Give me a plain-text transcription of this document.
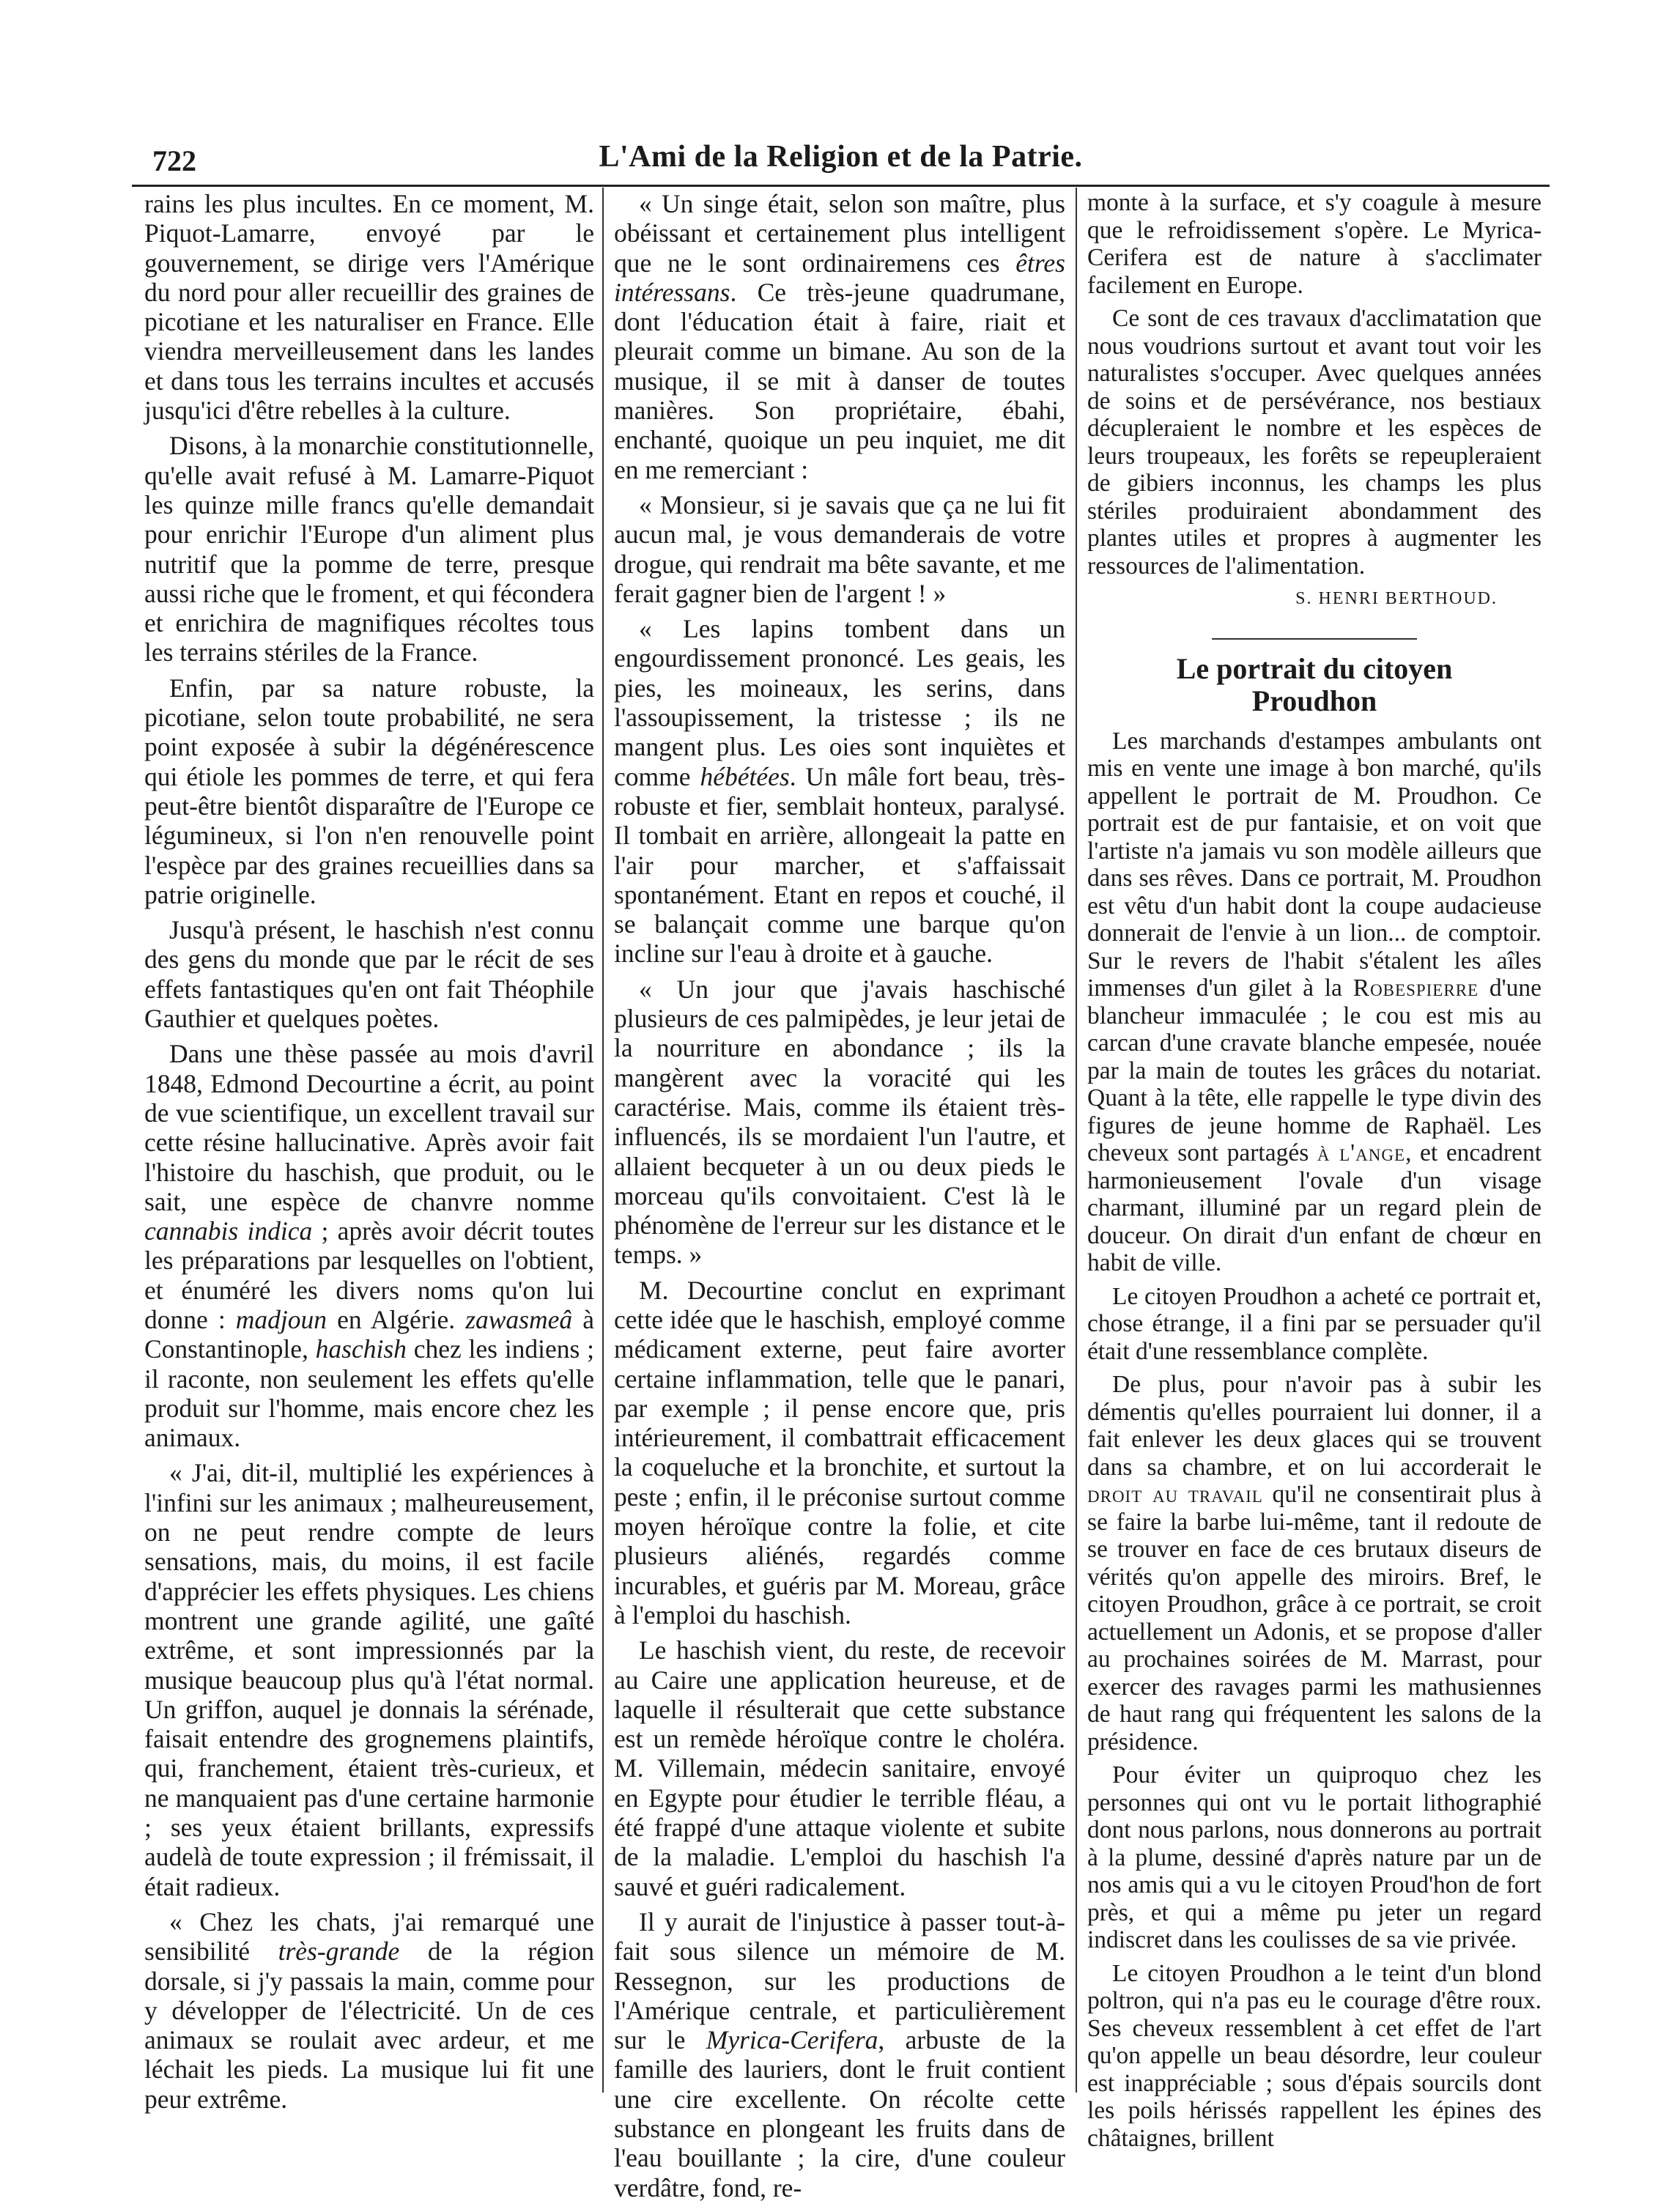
722	L'Ami de la Religion et de la Patrie.

rains les plus incultes. En ce moment, M. Piquot-Lamarre, envoyé par le gouvernement, se dirige vers l'Amérique du nord pour aller recueillir des graines de picotiane et les naturaliser en France. Elle viendra merveilleusement dans les landes et dans tous les terrains incultes et accusés jusqu'ici d'être rebelles à la culture.

Disons, à la monarchie constitutionnelle, qu'elle avait refusé à M. Lamarre-Piquot les quinze mille francs qu'elle demandait pour enrichir l'Europe d'un aliment plus nutritif que la pomme de terre, presque aussi riche que le froment, et qui fécondera et enrichira de magnifiques récoltes tous les terrains stériles de la France.

Enfin, par sa nature robuste, la picotiane, selon toute probabilité, ne sera point exposée à subir la dégénérescence qui étiole les pommes de terre, et qui fera peut-être bientôt disparaître de l'Europe ce légumineux, si l'on n'en renouvelle point l'espèce par des graines recueillies dans sa patrie originelle.

Jusqu'à présent, le haschish n'est connu des gens du monde que par le récit de ses effets fantastiques qu'en ont fait Théophile Gauthier et quelques poètes.

Dans une thèse passée au mois d'avril 1848, Edmond Decourtine a écrit, au point de vue scientifique, un excellent travail sur cette résine hallucinative. Après avoir fait l'histoire du haschish, que produit, ou le sait, une espèce de chanvre nomme cannabis indica ; après avoir décrit toutes les préparations par lesquelles on l'obtient, et énuméré les divers noms qu'on lui donne : madjoun en Algérie. zawasmeâ à Constantinople, haschish chez les indiens ; il raconte, non seulement les effets qu'elle produit sur l'homme, mais encore chez les animaux.

« J'ai, dit-il, multiplié les expériences à l'infini sur les animaux ; malheureusement, on ne peut rendre compte de leurs sensations, mais, du moins, il est facile d'apprécier les effets physiques. Les chiens montrent une grande agilité, une gaîté extrême, et sont impressionnés par la musique beaucoup plus qu'à l'état normal. Un griffon, auquel je donnais la sérénade, faisait entendre des grognemens plaintifs, qui, franchement, étaient très-curieux, et ne manquaient pas d'une certaine harmonie ; ses yeux étaient brillants, expressifs audelà de toute expression ; il frémissait, il était radieux.

« Chez les chats, j'ai remarqué une sensibilité très-grande de la région dorsale, si j'y passais la main, comme pour y développer de l'électricité. Un de ces animaux se roulait avec ardeur, et me léchait les pieds. La musique lui fit une peur extrême.

« Un singe était, selon son maître, plus obéissant et certainement plus intelligent que ne le sont ordinairemens ces êtres intéressans. Ce très-jeune quadrumane, dont l'éducation était à faire, riait et pleurait comme un bimane. Au son de la musique, il se mit à danser de toutes manières. Son propriétaire, ébahi, enchanté, quoique un peu inquiet, me dit en me remerciant :

« Monsieur, si je savais que ça ne lui fit aucun mal, je vous demanderais de votre drogue, qui rendrait ma bête savante, et me ferait gagner bien de l'argent ! »

« Les lapins tombent dans un engourdissement prononcé. Les geais, les pies, les moineaux, les serins, dans l'assoupissement, la tristesse ; ils ne mangent plus. Les oies sont inquiètes et comme hébétées. Un mâle fort beau, très-robuste et fier, semblait honteux, paralysé. Il tombait en arrière, allongeait la patte en l'air pour marcher, et s'affaissait spontanément. Etant en repos et couché, il se balançait comme une barque qu'on incline sur l'eau à droite et à gauche.

« Un jour que j'avais haschisché plusieurs de ces palmipèdes, je leur jetai de la nourriture en abondance ; ils la mangèrent avec la voracité qui les caractérise. Mais, comme ils étaient très-influencés, ils se mordaient l'un l'autre, et allaient becqueter à un ou deux pieds le morceau qu'ils convoitaient. C'est là le phénomène de l'erreur sur les distance et le temps. »

M. Decourtine conclut en exprimant cette idée que le haschish, employé comme médicament externe, peut faire avorter certaine inflammation, telle que le panari, par exemple ; il pense encore que, pris intérieurement, il combattrait efficacement la coqueluche et la bronchite, et surtout la peste ; enfin, il le préconise surtout comme moyen héroïque contre la folie, et cite plusieurs aliénés, regardés comme incurables, et guéris par M. Moreau, grâce à l'emploi du haschish.

Le haschish vient, du reste, de recevoir au Caire une application heureuse, et de laquelle il résulterait que cette substance est un remède héroïque contre le choléra. M. Villemain, médecin sanitaire, envoyé en Egypte pour étudier le terrible fléau, a été frappé d'une attaque violente et subite de la maladie. L'emploi du haschish l'a sauvé et guéri radicalement.

Il y aurait de l'injustice à passer tout-à-fait sous silence un mémoire de M. Ressegnon, sur les productions de l'Amérique centrale, et particulièrement sur le Myrica-Cerifera, arbuste de la famille des lauriers, dont le fruit contient une cire excellente. On récolte cette substance en plongeant les fruits dans de l'eau bouillante ; la cire, d'une couleur verdâtre, fond, re-

monte à la surface, et s'y coagule à mesure que le refroidissement s'opère. Le Myrica-Cerifera est de nature à s'acclimater facilement en Europe.

Ce sont de ces travaux d'acclimatation que nous voudrions surtout et avant tout voir les naturalistes s'occuper. Avec quelques années de soins et de persévérance, nos bestiaux décupleraient le nombre et les espèces de leurs troupeaux, les forêts se repeupleraient de gibiers inconnus, les champs les plus stériles produiraient abondamment des plantes utiles et propres à augmenter les ressources de l'alimentation.

S. HENRI BERTHOUD.

Le portrait du citoyen
Proudhon

Les marchands d'estampes ambulants ont mis en vente une image à bon marché, qu'ils appellent le portrait de M. Proudhon. Ce portrait est de pur fantaisie, et on voit que l'artiste n'a jamais vu son modèle ailleurs que dans ses rêves. Dans ce portrait, M. Proudhon est vêtu d'un habit dont la coupe audacieuse donnerait de l'envie à un lion... de comptoir. Sur le revers de l'habit s'étalent les aîles immenses d'un gilet à la Robespierre d'une blancheur immaculée ; le cou est mis au carcan d'une cravate blanche empesée, nouée par la main de toutes les grâces du notariat. Quant à la tête, elle rappelle le type divin des figures de jeune homme de Raphaël. Les cheveux sont partagés à l'ange, et encadrent harmonieusement l'ovale d'un visage charmant, illuminé par un regard plein de douceur. On dirait d'un enfant de chœur en habit de ville.

Le citoyen Proudhon a acheté ce portrait et, chose étrange, il a fini par se persuader qu'il était d'une ressemblance complète.

De plus, pour n'avoir pas à subir les démentis qu'elles pourraient lui donner, il a fait enlever les deux glaces qui se trouvent dans sa chambre, et on lui accorderait le droit au travail qu'il ne consentirait plus à se faire la barbe lui-même, tant il redoute de se trouver en face de ces brutaux diseurs de vérités qu'on appelle des miroirs. Bref, le citoyen Proudhon, grâce à ce portrait, se croit actuellement un Adonis, et se propose d'aller au prochaines soirées de M. Marrast, pour exercer des ravages parmi les mathusiennes de haut rang qui fréquentent les salons de la présidence.

Pour éviter un quiproquo chez les personnes qui ont vu le portait lithographié dont nous parlons, nous donnerons au portrait à la plume, dessiné d'après nature par un de nos amis qui a vu le citoyen Proud'hon de fort près, et qui a même pu jeter un regard indiscret dans les coulisses de sa vie privée.

Le citoyen Proudhon a le teint d'un blond poltron, qui n'a pas eu le courage d'être roux. Ses cheveux ressemblent à cet effet de l'art qu'on appelle un beau désordre, leur couleur est inappréciable ; sous d'épais sourcils dont les poils hérissés rappellent les épines des châtaignes, brillent
